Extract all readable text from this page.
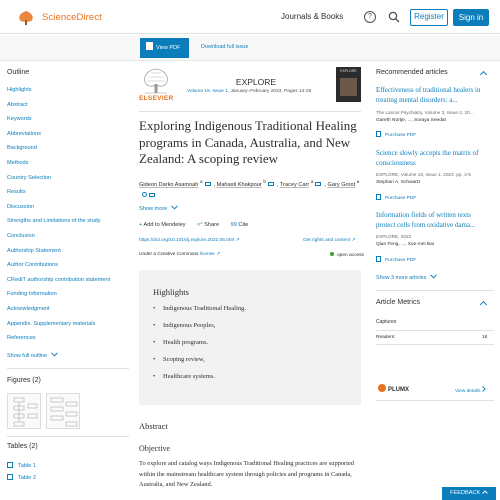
ScienceDirect	Journals & Books	?	Register	Sign in
View PDF	Download full issue
Outline
Highlights
Abstract
Keywords
Abbreviations
Background
Methods
Country Selection
Results
Discussion
Strengths and Limitations of the study
Conclusion
Authorship Statement
Author Contributions
CRediT authorship contribution statement
Funding Information
Acknowledgment
Appendix. Supplementary materials
References
Show full outline
Figures (2)
Tables (2)
Table 1
Table 2
ELSEVIER
EXPLORE
Volume 19, Issue 1, January–February 2023, Pages 14-25
EXPLORE
Exploring Indigenous Traditional Healing programs in Canada, Australia, and New Zealand: A scoping review
Gideon Darko Asamoah $^a$, Mahasti Khakpour $^b$, Tracey Carr $^a$, Gary Groot $^a$
Show more
+ Add to Mendeley <° Share 99 Cite
https://doi.org/10.1016/j.explore.2022.06.004 ↗	Get rights and content ↗
Under a Creative Commons license ↗	open access
Highlights
• Indigenous Traditional Healing.
• Indigenous Peoples,
• Health programs.
• Scoping review,
• Healthcare systems.
Abstract
Objective
To explore and catalog ways Indigenous Traditional Healing practices are supported within the mainstream healthcare system through policies and programs in Canada, Australia, and New Zealand.
Recommended articles
Effectiveness of traditional healers in treating mental disorders: a...
The Lancet Psychiatry, Volume 3, Issue 2, 20...
Gareth Nortje, ..., Soraya Seedat
Purchase PDF
Science slowly accepts the matrix of consciousness
EXPLORE, Volume 19, Issue 1, 2023, pp. 3-5
Stephan A. Schwartz
Purchase PDF
Information fields of written texts protect cells from oxidative dama...
EXPLORE, 2022
Qian Feng, ..., Xue-mei Bai
Purchase PDF
Show 3 more articles
Article Metrics
Captures
Readers:	16
PLUMX	View details
FEEDBACK
